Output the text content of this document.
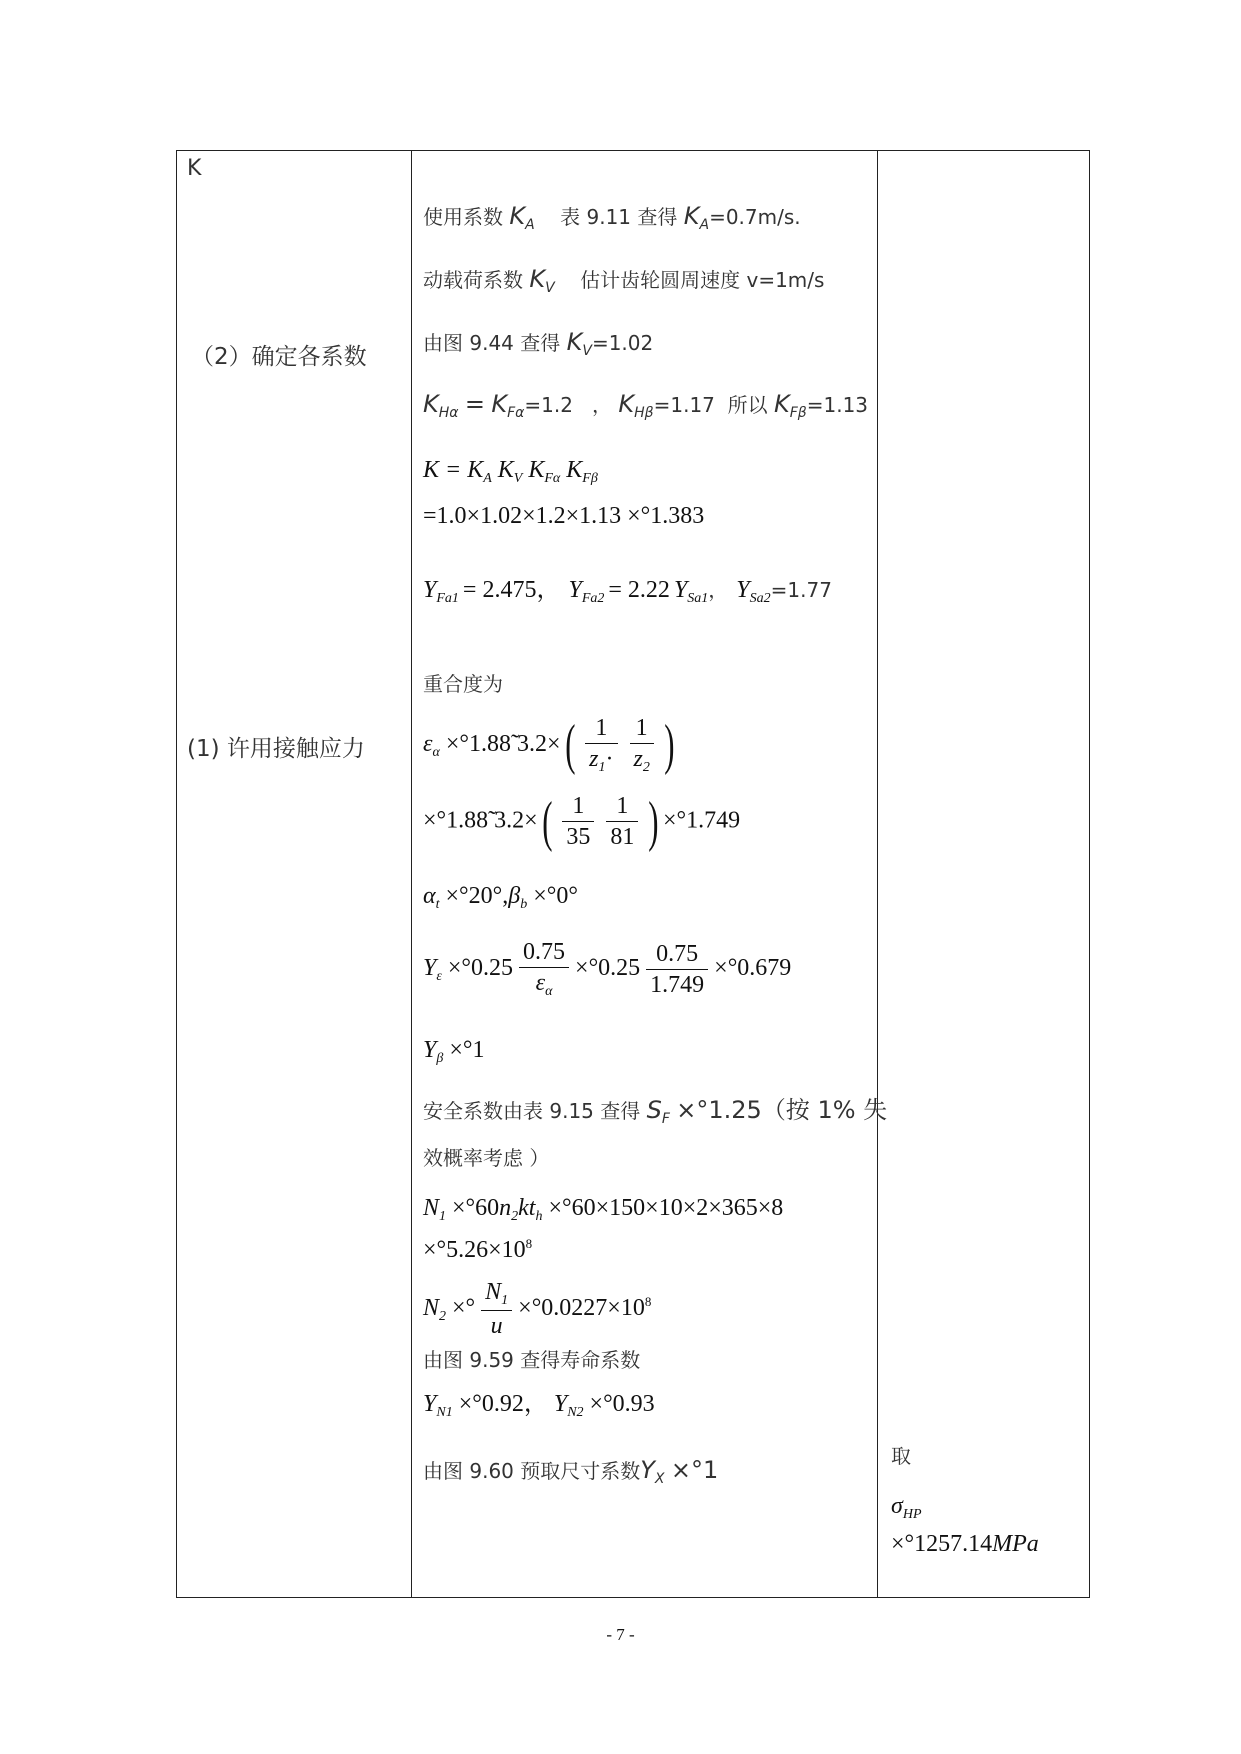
K
（2）确定各系数
(1) 许用接触应力
使用系数 $K_A$ 表 9.11 查得 $K_A=0.7m/s$.
动载荷系数 $K_V$ 估计齿轮圆周速度 v=1m/s
由图 9.44 查得 $K_V=1.02$
$K_{H\alpha} = K_{F\alpha}=1.2$ ， $K_{H\beta}=1.17$ 所以 $K_{F\beta}=1.13$
$K = K_A$ $K_V$ $K_{F\alpha}$ $K_{F\beta}$
=1.0×1.02×1.2×1.13 ×°1.383
$Y_{Fa1} = 2.475$， $Y_{Fa2} = 2.22$ $Y_{Sa1}$， $Y_{Sa2}=1.77$
重合度为
$\varepsilon_\alpha$ ×°1.88̃ $3.2\times( \frac{1}{z_1\cdot} \frac{1}{z_2}$ )
×°1.88̃ $3.2\times( \frac{1}{35} \frac{1}{81}$ ) ×°1.749
$\alpha_t \times^\circ 20^\circ,\beta_b \times^\circ 0^\circ$
$Y_\varepsilon \times^\circ 0.25 \frac{0.75}{\varepsilon_\alpha} \times^\circ 0.25 \frac{0.75}{1.749} \times^\circ 0.679$
$Y_\beta \times^\circ 1$
安全系数由表 9.15 查得 $S_F \times^\circ 1.25$（按 1% 失
效概率考虑 ）
$N_1 \times^\circ 60n_2kt_h \times^\circ 60\times 150\times 10\times 2\times 365\times 8$
$\times^\circ 5.26\times 10^8$
$N_2$ ×° $\frac{N_1}{u} \times^\circ 0.0227\times 10^8$
由图 9.59 查得寿命系数
$Y_{N1} \times^\circ 0.92$， $Y_{N2} \times^\circ 0.93$
由图 9.60 预取尺寸系数$Y_X \times^\circ 1$	取
$\sigma_{HP}$
×°1257.14MPa
- 7 -
